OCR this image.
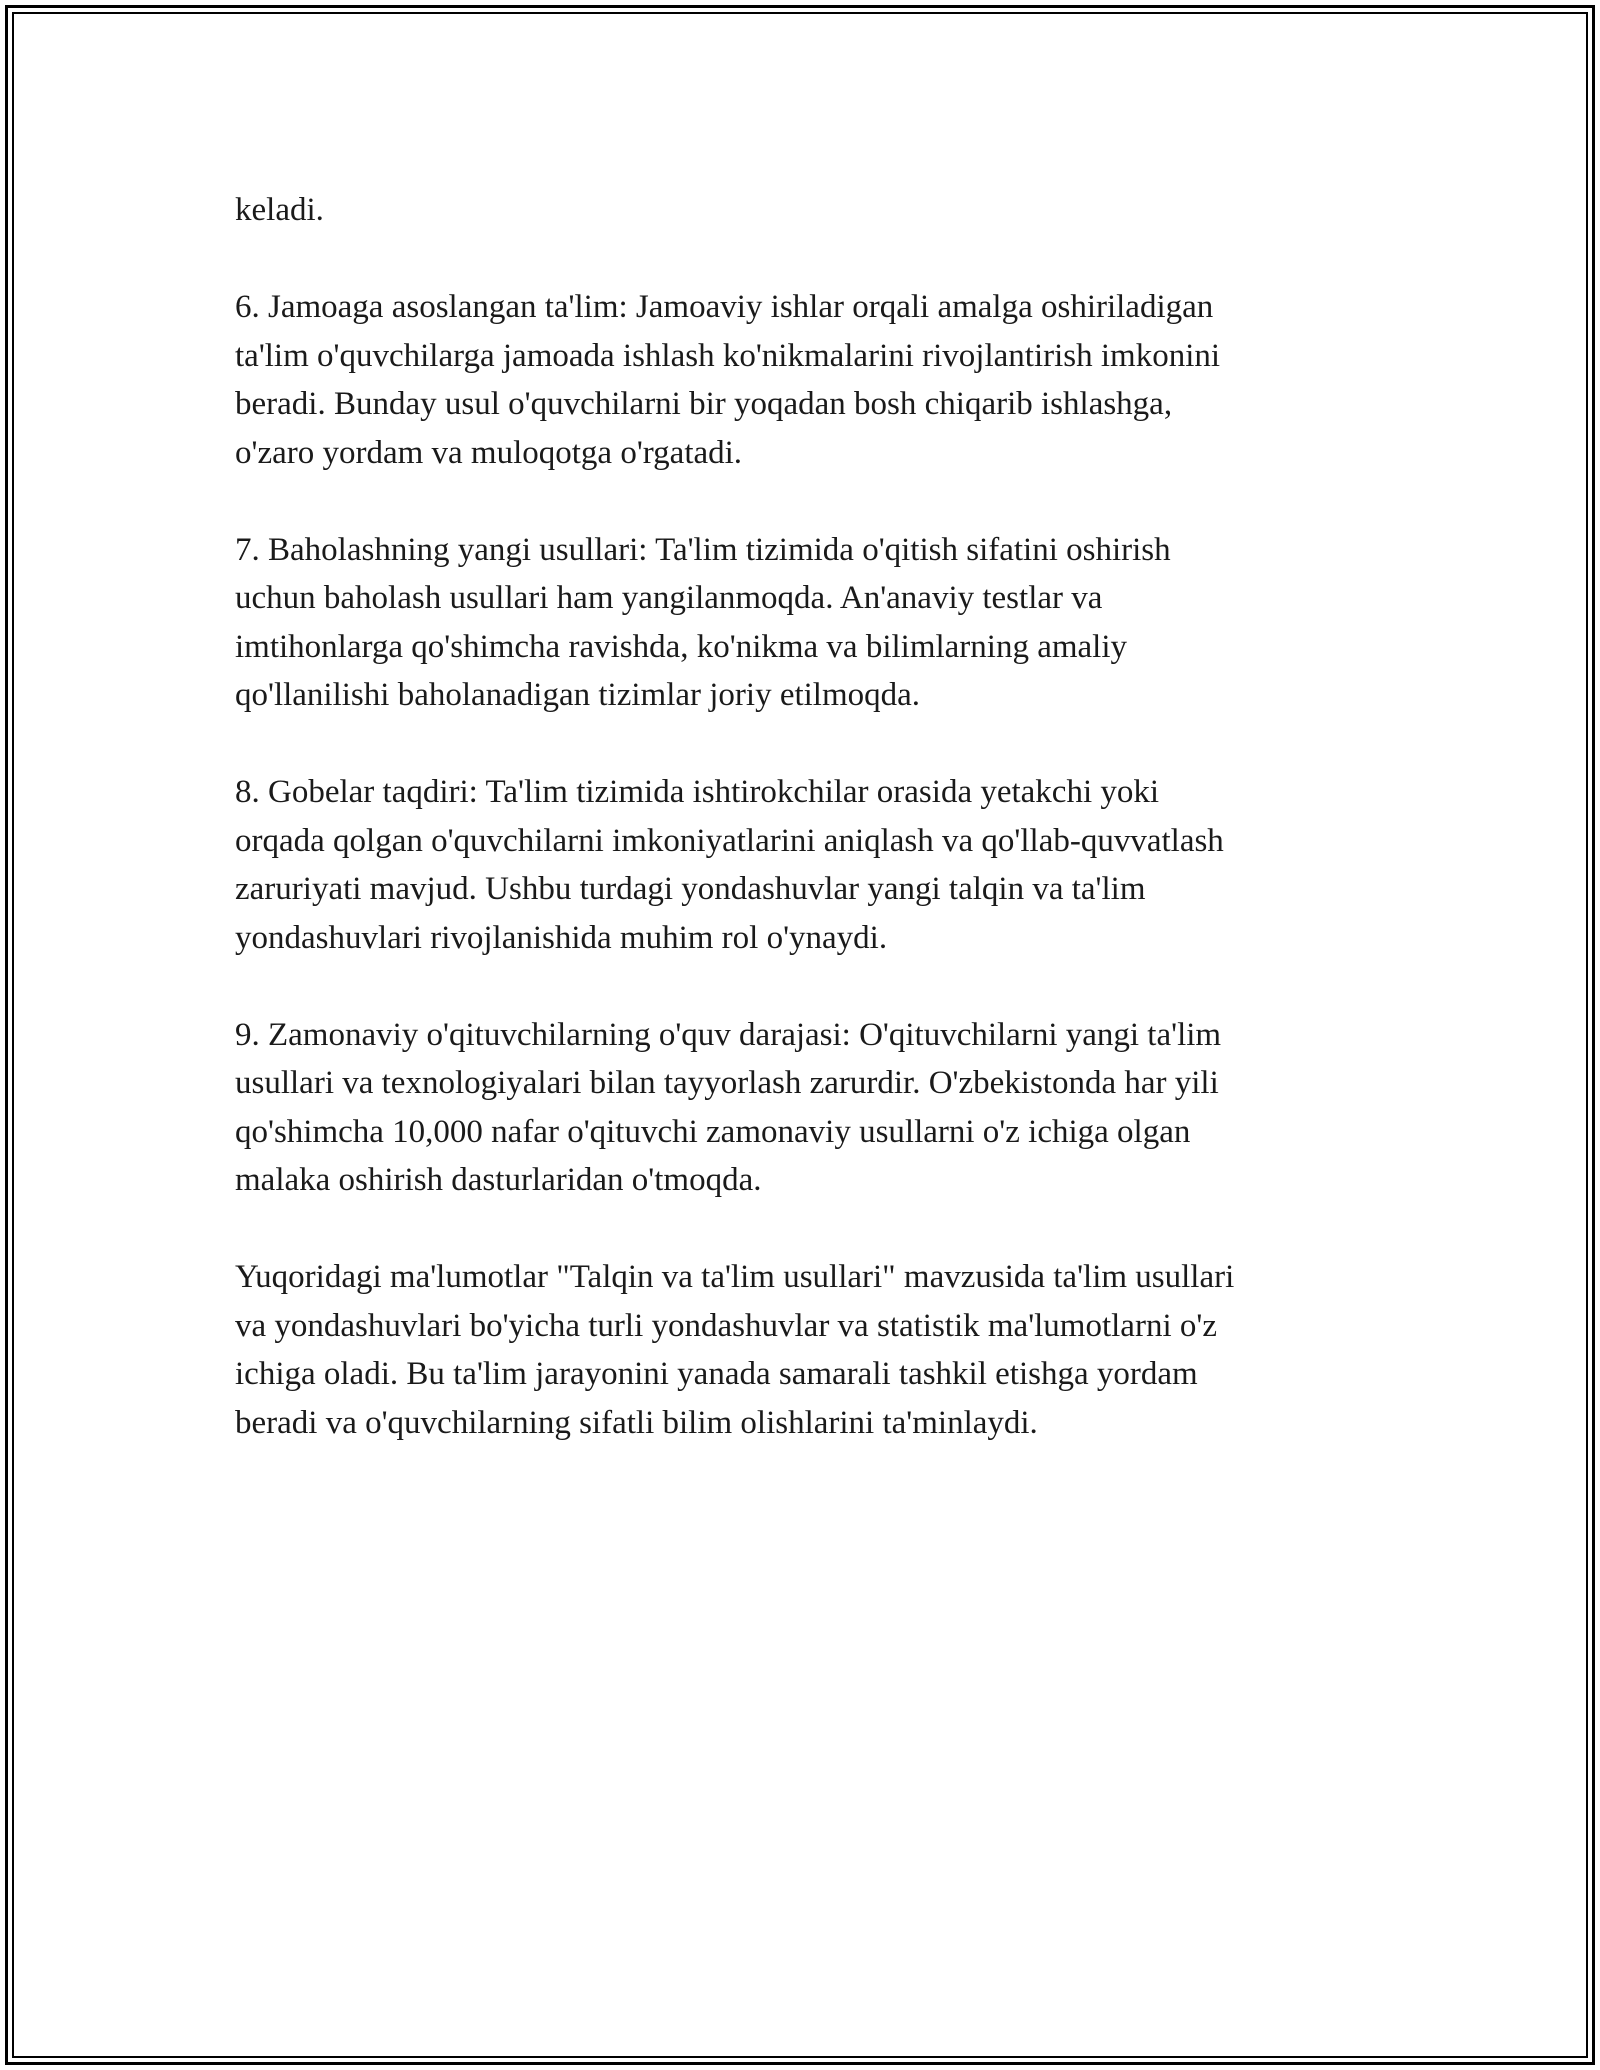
keladi.

6. Jamoaga asoslangan ta'lim: Jamoaviy ishlar orqali amalga oshiriladigan
ta'lim o'quvchilarga jamoada ishlash ko'nikmalarini rivojlantirish imkonini
beradi. Bunday usul o'quvchilarni bir yoqadan bosh chiqarib ishlashga,
o'zaro yordam va muloqotga o'rgatadi.

7. Baholashning yangi usullari: Ta'lim tizimida o'qitish sifatini oshirish
uchun baholash usullari ham yangilanmoqda. An'anaviy testlar va
imtihonlarga qo'shimcha ravishda, ko'nikma va bilimlarning amaliy
qo'llanilishi baholanadigan tizimlar joriy etilmoqda.

8. Gobelar taqdiri: Ta'lim tizimida ishtirokchilar orasida yetakchi yoki
orqada qolgan o'quvchilarni imkoniyatlarini aniqlash va qo'llab-quvvatlash
zaruriyati mavjud. Ushbu turdagi yondashuvlar yangi talqin va ta'lim
yondashuvlari rivojlanishida muhim rol o'ynaydi.

9. Zamonaviy o'qituvchilarning o'quv darajasi: O'qituvchilarni yangi ta'lim
usullari va texnologiyalari bilan tayyorlash zarurdir. O'zbekistonda har yili
qo'shimcha 10,000 nafar o'qituvchi zamonaviy usullarni o'z ichiga olgan
malaka oshirish dasturlaridan o'tmoqda.

Yuqoridagi ma'lumotlar "Talqin va ta'lim usullari" mavzusida ta'lim usullari
va yondashuvlari bo'yicha turli yondashuvlar va statistik ma'lumotlarni o'z
ichiga oladi. Bu ta'lim jarayonini yanada samarali tashkil etishga yordam
beradi va o'quvchilarning sifatli bilim olishlarini ta'minlaydi.
